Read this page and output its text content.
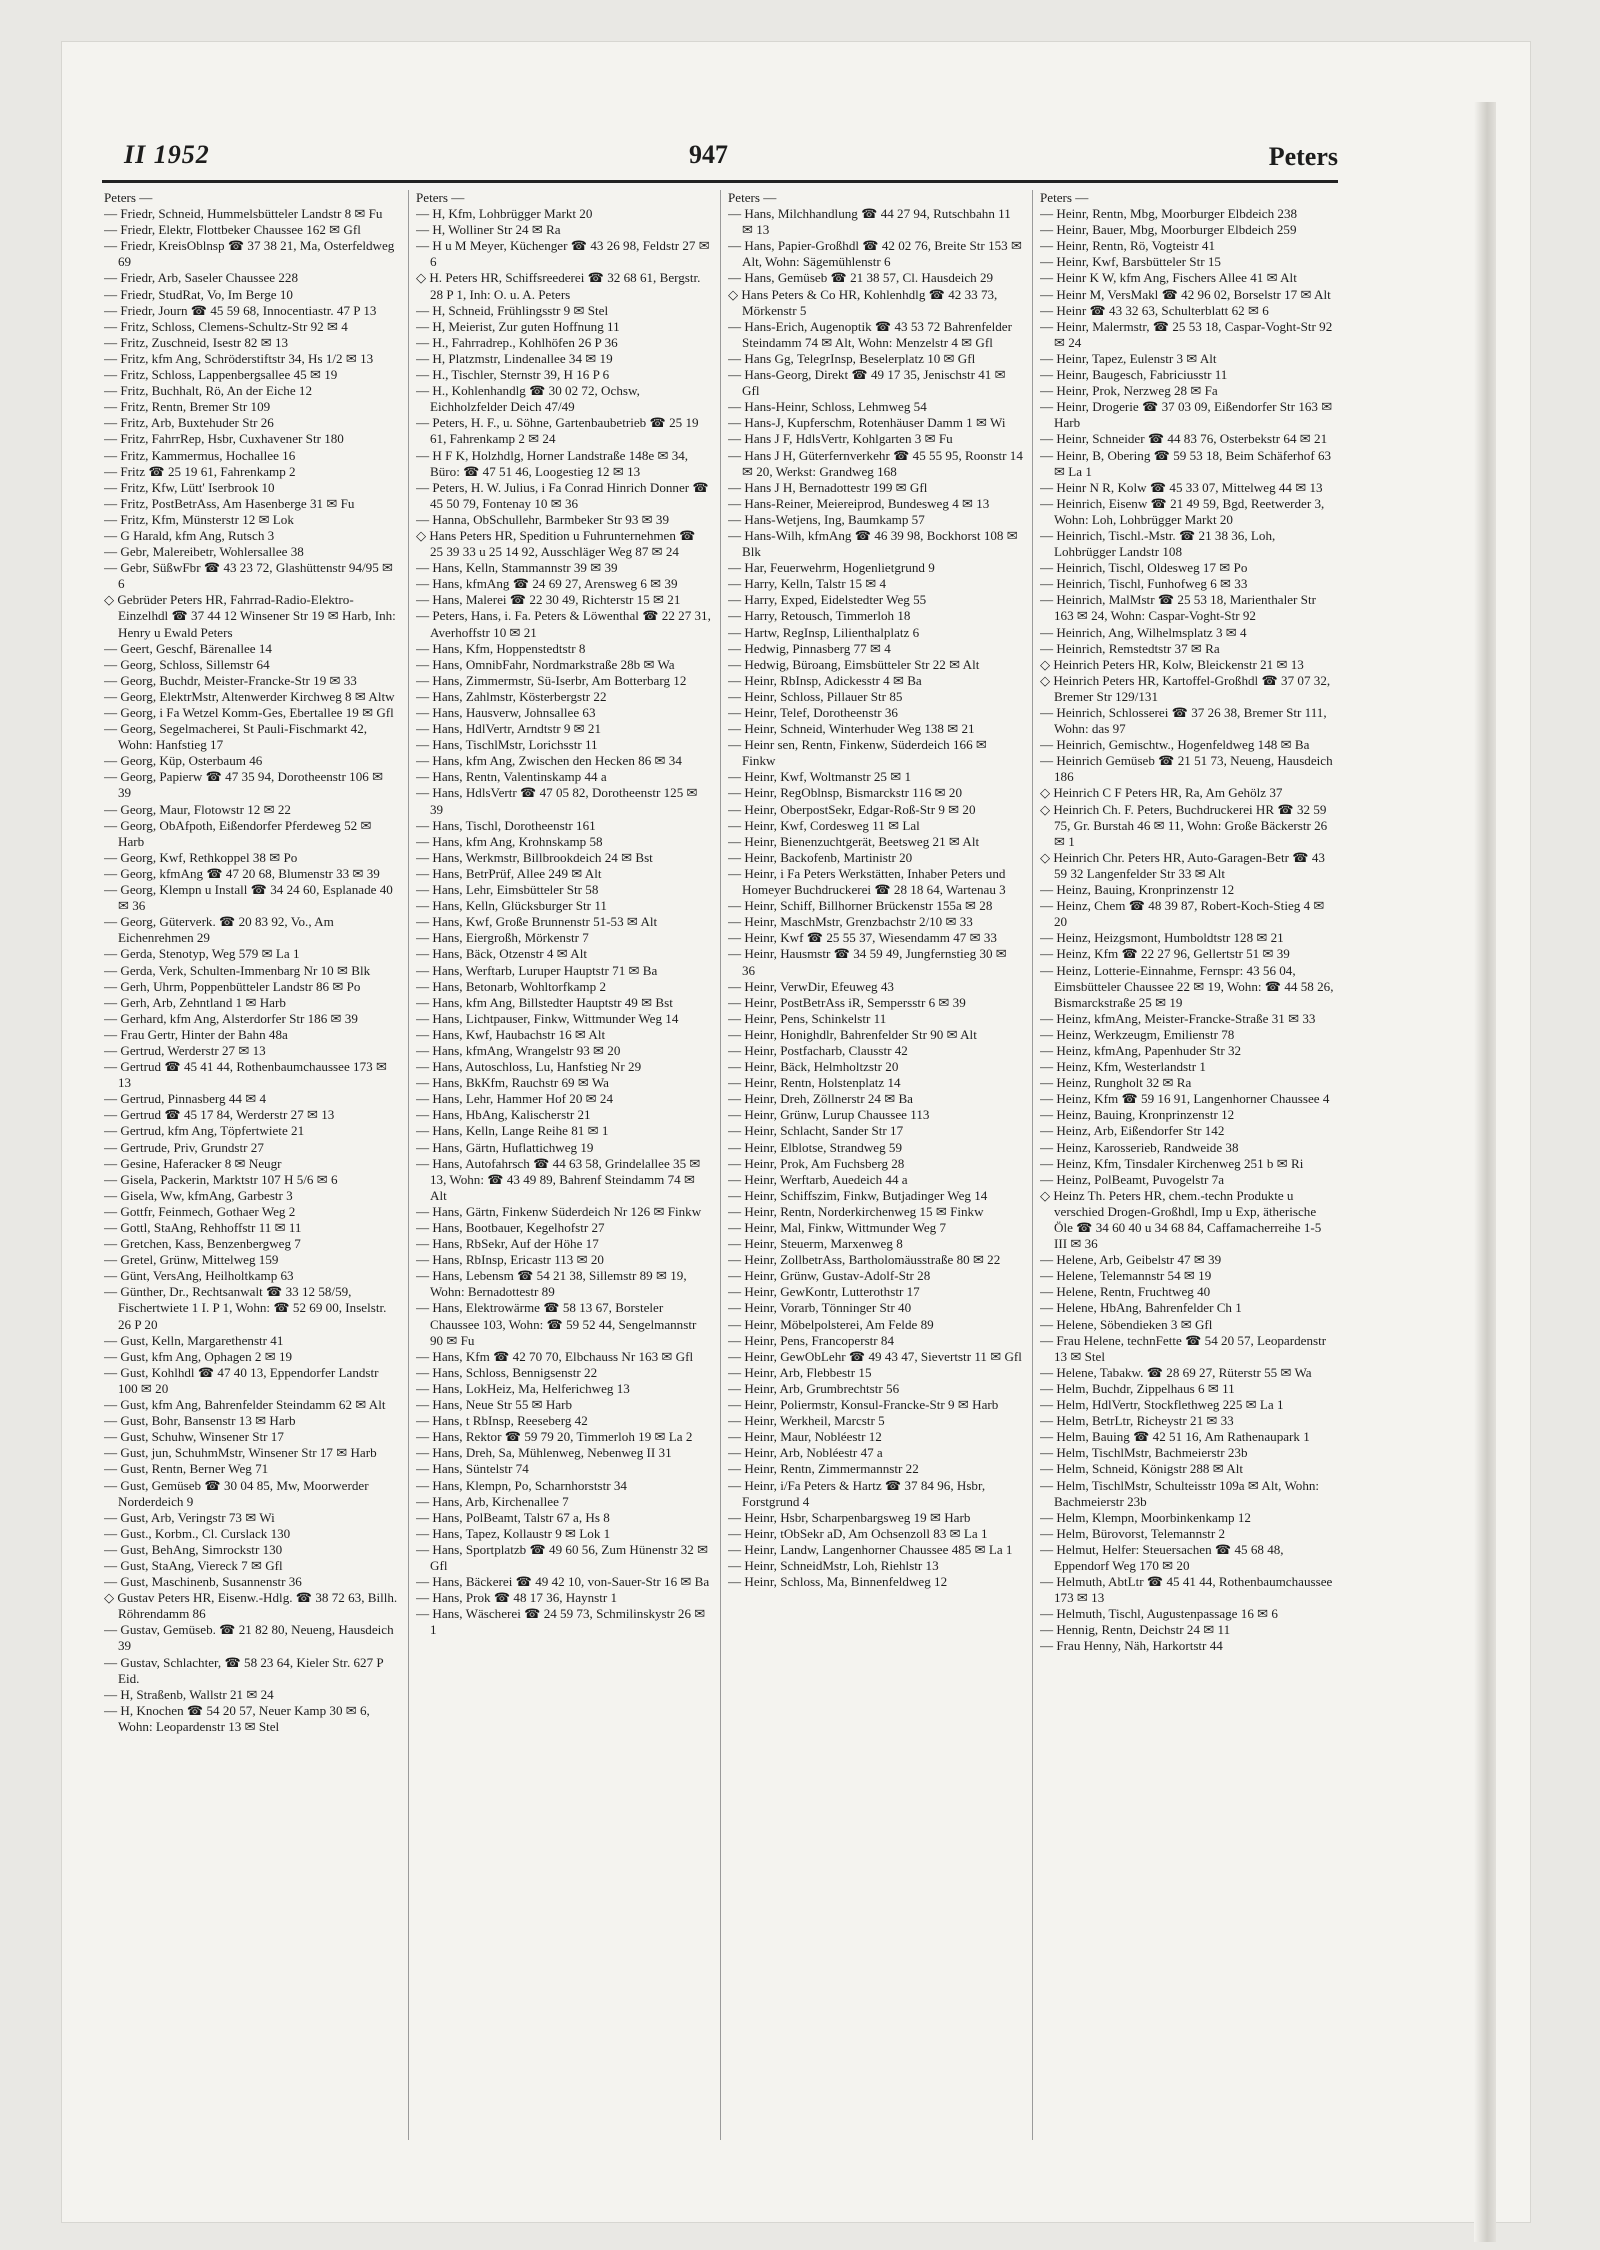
II 1952	947	Peters

Peters —

— Friedr, Schneid, Hummelsbütteler Landstr 8 ✉ Fu

— Friedr, Elektr, Flottbeker Chaussee 162 ✉ Gfl

— Friedr, KreisOblnsp ☎ 37 38 21, Ma, Osterfeldweg 69

— Friedr, Arb, Saseler Chaussee 228

— Friedr, StudRat, Vo, Im Berge 10

— Friedr, Journ ☎ 45 59 68, Innocentiastr. 47 P 13

— Fritz, Schloss, Clemens-Schultz-Str 92 ✉ 4

— Fritz, Zuschneid, Isestr 82 ✉ 13

— Fritz, kfm Ang, Schröderstiftstr 34, Hs 1/2 ✉ 13

— Fritz, Schloss, Lappenbergsallee 45 ✉ 19

— Fritz, Buchhalt, Rö, An der Eiche 12

— Fritz, Rentn, Bremer Str 109

— Fritz, Arb, Buxtehuder Str 26

— Fritz, FahrrRep, Hsbr, Cuxhavener Str 180

— Fritz, Kammermus, Hochallee 16

— Fritz ☎ 25 19 61, Fahrenkamp 2

— Fritz, Kfw, Lütt' Iserbrook 10

— Fritz, PostBetrAss, Am Hasenberge 31 ✉ Fu

— Fritz, Kfm, Münsterstr 12 ✉ Lok

— G Harald, kfm Ang, Rutsch 3

— Gebr, Malereibetr, Wohlersallee 38

— Gebr, SüßwFbr ☎ 43 23 72, Glashüttenstr 94/95 ✉ 6

◇ Gebrüder Peters HR, Fahrrad-Radio-Elektro-Einzelhdl ☎ 37 44 12 Winsener Str 19 ✉ Harb, Inh: Henry u Ewald Peters

— Geert, Geschf, Bärenallee 14

— Georg, Schloss, Sillemstr 64

— Georg, Buchdr, Meister-Francke-Str 19 ✉ 33

— Georg, ElektrMstr, Altenwerder Kirchweg 8 ✉ Altw

— Georg, i Fa Wetzel Komm-Ges, Ebertallee 19 ✉ Gfl

— Georg, Segelmacherei, St Pauli-Fischmarkt 42, Wohn: Hanfstieg 17

— Georg, Küp, Osterbaum 46

— Georg, Papierw ☎ 47 35 94, Dorotheenstr 106 ✉ 39

— Georg, Maur, Flotowstr 12 ✉ 22

— Georg, ObAfpoth, Eißendorfer Pferdeweg 52 ✉ Harb

— Georg, Kwf, Rethkoppel 38 ✉ Po

— Georg, kfmAng ☎ 47 20 68, Blumenstr 33 ✉ 39

— Georg, Klempn u Install ☎ 34 24 60, Esplanade 40 ✉ 36

— Georg, Güterverk. ☎ 20 83 92, Vo., Am Eichenrehmen 29

— Gerda, Stenotyp, Weg 579 ✉ La 1

— Gerda, Verk, Schulten-Immenbarg Nr 10 ✉ Blk

— Gerh, Uhrm, Poppenbütteler Landstr 86 ✉ Po

— Gerh, Arb, Zehntland 1 ✉ Harb

— Gerhard, kfm Ang, Alsterdorfer Str 186 ✉ 39

— Frau Gertr, Hinter der Bahn 48a

— Gertrud, Werderstr 27 ✉ 13

— Gertrud ☎ 45 41 44, Rothenbaumchaussee 173 ✉ 13

— Gertrud, Pinnasberg 44 ✉ 4

— Gertrud ☎ 45 17 84, Werderstr 27 ✉ 13

— Gertrud, kfm Ang, Töpfertwiete 21

— Gertrude, Priv, Grundstr 27

— Gesine, Haferacker 8 ✉ Neugr

— Gisela, Packerin, Marktstr 107 H 5/6 ✉ 6

— Gisela, Ww, kfmAng, Garbestr 3

— Gottfr, Feinmech, Gothaer Weg 2

— Gottl, StaAng, Rehhoffstr 11 ✉ 11

— Gretchen, Kass, Benzenbergweg 7

— Gretel, Grünw, Mittelweg 159

— Günt, VersAng, Heilholtkamp 63

— Günther, Dr., Rechtsanwalt ☎ 33 12 58/59, Fischertwiete 1 I. P 1, Wohn: ☎ 52 69 00, Inselstr. 26 P 20

— Gust, Kelln, Margarethenstr 41

— Gust, kfm Ang, Ophagen 2 ✉ 19

— Gust, Kohlhdl ☎ 47 40 13, Eppendorfer Landstr 100 ✉ 20

— Gust, kfm Ang, Bahrenfelder Steindamm 62 ✉ Alt

— Gust, Bohr, Bansenstr 13 ✉ Harb

— Gust, Schuhw, Winsener Str 17

— Gust, jun, SchuhmMstr, Winsener Str 17 ✉ Harb

— Gust, Rentn, Berner Weg 71

— Gust, Gemüseb ☎ 30 04 85, Mw, Moorwerder Norderdeich 9

— Gust, Arb, Veringstr 73 ✉ Wi

— Gust., Korbm., Cl. Curslack 130

— Gust, BehAng, Simrockstr 130

— Gust, StaAng, Viereck 7 ✉ Gfl

— Gust, Maschinenb, Susannenstr 36

◇ Gustav Peters HR, Eisenw.-Hdlg. ☎ 38 72 63, Billh. Röhrendamm 86

— Gustav, Gemüseb. ☎ 21 82 80, Neueng, Hausdeich 39

— Gustav, Schlachter, ☎ 58 23 64, Kieler Str. 627 P Eid.

— H, Straßenb, Wallstr 21 ✉ 24

— H, Knochen ☎ 54 20 57, Neuer Kamp 30 ✉ 6, Wohn: Leopardenstr 13 ✉ Stel

Peters —

— H, Kfm, Lohbrügger Markt 20

— H, Wolliner Str 24 ✉ Ra

— H u M Meyer, Küchenger ☎ 43 26 98, Feldstr 27 ✉ 6

◇ H. Peters HR, Schiffsreederei ☎ 32 68 61, Bergstr. 28 P 1, Inh: O. u. A. Peters

— H, Schneid, Frühlingsstr 9 ✉ Stel

— H, Meierist, Zur guten Hoffnung 11

— H., Fahrradrep., Kohlhöfen 26 P 36

— H, Platzmstr, Lindenallee 34 ✉ 19

— H., Tischler, Sternstr 39, H 16 P 6

— H., Kohlenhandlg ☎ 30 02 72, Ochsw, Eichholzfelder Deich 47/49

— Peters, H. F., u. Söhne, Gartenbaubetrieb ☎ 25 19 61, Fahrenkamp 2 ✉ 24

— H F K, Holzhdlg, Horner Landstraße 148e ✉ 34, Büro: ☎ 47 51 46, Loogestieg 12 ✉ 13

— Peters, H. W. Julius, i Fa Conrad Hinrich Donner ☎ 45 50 79, Fontenay 10 ✉ 36

— Hanna, ObSchullehr, Barmbeker Str 93 ✉ 39

◇ Hans Peters HR, Spedition u Fuhrunternehmen ☎ 25 39 33 u 25 14 92, Ausschläger Weg 87 ✉ 24

— Hans, Kelln, Stammannstr 39 ✉ 39

— Hans, kfmAng ☎ 24 69 27, Arensweg 6 ✉ 39

— Hans, Malerei ☎ 22 30 49, Richterstr 15 ✉ 21

— Peters, Hans, i. Fa. Peters & Löwenthal ☎ 22 27 31, Averhoffstr 10 ✉ 21

— Hans, Kfm, Hoppenstedtstr 8

— Hans, OmnibFahr, Nordmarkstraße 28b ✉ Wa

— Hans, Zimmermstr, Sü-Iserbr, Am Botterbarg 12

— Hans, Zahlmstr, Kösterbergstr 22

— Hans, Hausverw, Johnsallee 63

— Hans, HdlVertr, Arndtstr 9 ✉ 21

— Hans, TischlMstr, Lorichsstr 11

— Hans, kfm Ang, Zwischen den Hecken 86 ✉ 34

— Hans, Rentn, Valentinskamp 44 a

— Hans, HdlsVertr ☎ 47 05 82, Dorotheenstr 125 ✉ 39

— Hans, Tischl, Dorotheenstr 161

— Hans, kfm Ang, Krohnskamp 58

— Hans, Werkmstr, Billbrookdeich 24 ✉ Bst

— Hans, BetrPrüf, Allee 249 ✉ Alt

— Hans, Lehr, Eimsbütteler Str 58

— Hans, Kelln, Glücksburger Str 11

— Hans, Kwf, Große Brunnenstr 51-53 ✉ Alt

— Hans, Eiergroßh, Mörkenstr 7

— Hans, Bäck, Otzenstr 4 ✉ Alt

— Hans, Werftarb, Luruper Hauptstr 71 ✉ Ba

— Hans, Betonarb, Wohltorfkamp 2

— Hans, kfm Ang, Billstedter Hauptstr 49 ✉ Bst

— Hans, Lichtpauser, Finkw, Wittmunder Weg 14

— Hans, Kwf, Haubachstr 16 ✉ Alt

— Hans, kfmAng, Wrangelstr 93 ✉ 20

— Hans, Autoschloss, Lu, Hanfstieg Nr 29

— Hans, BkKfm, Rauchstr 69 ✉ Wa

— Hans, Lehr, Hammer Hof 20 ✉ 24

— Hans, HbAng, Kalischerstr 21

— Hans, Kelln, Lange Reihe 81 ✉ 1

— Hans, Gärtn, Huflattichweg 19

— Hans, Autofahrsch ☎ 44 63 58, Grindelallee 35 ✉ 13, Wohn: ☎ 43 49 89, Bahrenf Steindamm 74 ✉ Alt

— Hans, Gärtn, Finkenw Süderdeich Nr 126 ✉ Finkw

— Hans, Bootbauer, Kegelhofstr 27

— Hans, RbSekr, Auf der Höhe 17

— Hans, RbInsp, Ericastr 113 ✉ 20

— Hans, Lebensm ☎ 54 21 38, Sillemstr 89 ✉ 19, Wohn: Bernadottestr 89

— Hans, Elektrowärme ☎ 58 13 67, Borsteler Chaussee 103, Wohn: ☎ 59 52 44, Sengelmannstr 90 ✉ Fu

— Hans, Kfm ☎ 42 70 70, Elbchauss Nr 163 ✉ Gfl

— Hans, Schloss, Bennigsenstr 22

— Hans, LokHeiz, Ma, Helferichweg 13

— Hans, Neue Str 55 ✉ Harb

— Hans, t RbInsp, Reeseberg 42

— Hans, Rektor ☎ 59 79 20, Timmerloh 19 ✉ La 2

— Hans, Dreh, Sa, Mühlenweg, Nebenweg II 31

— Hans, Süntelstr 74

— Hans, Klempn, Po, Scharnhorststr 34

— Hans, Arb, Kirchenallee 7

— Hans, PolBeamt, Talstr 67 a, Hs 8

— Hans, Tapez, Kollaustr 9 ✉ Lok 1

— Hans, Sportplatzb ☎ 49 60 56, Zum Hünenstr 32 ✉ Gfl

— Hans, Bäckerei ☎ 49 42 10, von-Sauer-Str 16 ✉ Ba

— Hans, Prok ☎ 48 17 36, Haynstr 1

— Hans, Wäscherei ☎ 24 59 73, Schmilinskystr 26 ✉ 1

Peters —

— Hans, Milchhandlung ☎ 44 27 94, Rutschbahn 11 ✉ 13

— Hans, Papier-Großhdl ☎ 42 02 76, Breite Str 153 ✉ Alt, Wohn: Sägemühlenstr 6

— Hans, Gemüseb ☎ 21 38 57, Cl. Hausdeich 29

◇ Hans Peters & Co HR, Kohlenhdlg ☎ 42 33 73, Mörkenstr 5

— Hans-Erich, Augenoptik ☎ 43 53 72 Bahrenfelder Steindamm 74 ✉ Alt, Wohn: Menzelstr 4 ✉ Gfl

— Hans Gg, TelegrInsp, Beselerplatz 10 ✉ Gfl

— Hans-Georg, Direkt ☎ 49 17 35, Jenischstr 41 ✉ Gfl

— Hans-Heinr, Schloss, Lehmweg 54

— Hans-J, Kupferschm, Rotenhäuser Damm 1 ✉ Wi

— Hans J F, HdlsVertr, Kohlgarten 3 ✉ Fu

— Hans J H, Güterfernverkehr ☎ 45 55 95, Roonstr 14 ✉ 20, Werkst: Grandweg 168

— Hans J H, Bernadottestr 199 ✉ Gfl

— Hans-Reiner, Meiereiprod, Bundesweg 4 ✉ 13

— Hans-Wetjens, Ing, Baumkamp 57

— Hans-Wilh, kfmAng ☎ 46 39 98, Bockhorst 108 ✉ Blk

— Har, Feuerwehrm, Hogenlietgrund 9

— Harry, Kelln, Talstr 15 ✉ 4

— Harry, Exped, Eidelstedter Weg 55

— Harry, Retousch, Timmerloh 18

— Hartw, RegInsp, Lilienthalplatz 6

— Hedwig, Pinnasberg 77 ✉ 4

— Hedwig, Büroang, Eimsbütteler Str 22 ✉ Alt

— Heinr, RbInsp, Adickesstr 4 ✉ Ba

— Heinr, Schloss, Pillauer Str 85

— Heinr, Telef, Dorotheenstr 36

— Heinr, Schneid, Winterhuder Weg 138 ✉ 21

— Heinr sen, Rentn, Finkenw, Süderdeich 166 ✉ Finkw

— Heinr, Kwf, Woltmanstr 25 ✉ 1

— Heinr, RegOblnsp, Bismarckstr 116 ✉ 20

— Heinr, OberpostSekr, Edgar-Roß-Str 9 ✉ 20

— Heinr, Kwf, Cordesweg 11 ✉ Lal

— Heinr, Bienenzuchtgerät, Beetsweg 21 ✉ Alt

— Heinr, Backofenb, Martinistr 20

— Heinr, i Fa Peters Werkstätten, Inhaber Peters und Homeyer Buchdruckerei ☎ 28 18 64, Wartenau 3

— Heinr, Schiff, Billhorner Brückenstr 155a ✉ 28

— Heinr, MaschMstr, Grenzbachstr 2/10 ✉ 33

— Heinr, Kwf ☎ 25 55 37, Wiesendamm 47 ✉ 33

— Heinr, Hausmstr ☎ 34 59 49, Jungfernstieg 30 ✉ 36

— Heinr, VerwDir, Efeuweg 43

— Heinr, PostBetrAss iR, Sempersstr 6 ✉ 39

— Heinr, Pens, Schinkelstr 11

— Heinr, Honighdlr, Bahrenfelder Str 90 ✉ Alt

— Heinr, Postfacharb, Clausstr 42

— Heinr, Bäck, Helmholtzstr 20

— Heinr, Rentn, Holstenplatz 14

— Heinr, Dreh, Zöllnerstr 24 ✉ Ba

— Heinr, Grünw, Lurup Chaussee 113

— Heinr, Schlacht, Sander Str 17

— Heinr, Elblotse, Strandweg 59

— Heinr, Prok, Am Fuchsberg 28

— Heinr, Werftarb, Auedeich 44 a

— Heinr, Schiffszim, Finkw, Butjadinger Weg 14

— Heinr, Rentn, Norderkirchenweg 15 ✉ Finkw

— Heinr, Mal, Finkw, Wittmunder Weg 7

— Heinr, Steuerm, Marxenweg 8

— Heinr, ZollbetrAss, Bartholomäusstraße 80 ✉ 22

— Heinr, Grünw, Gustav-Adolf-Str 28

— Heinr, GewKontr, Lutterothstr 17

— Heinr, Vorarb, Tönninger Str 40

— Heinr, Möbelpolsterei, Am Felde 89

— Heinr, Pens, Francoperstr 84

— Heinr, GewObLehr ☎ 49 43 47, Sievertstr 11 ✉ Gfl

— Heinr, Arb, Flebbestr 15

— Heinr, Arb, Grumbrechtstr 56

— Heinr, Poliermstr, Konsul-Francke-Str 9 ✉ Harb

— Heinr, Werkheil, Marcstr 5

— Heinr, Maur, Nobléestr 12

— Heinr, Arb, Nobléestr 47 a

— Heinr, Rentn, Zimmermannstr 22

— Heinr, i/Fa Peters & Hartz ☎ 37 84 96, Hsbr, Forstgrund 4

— Heinr, Hsbr, Scharpenbargsweg 19 ✉ Harb

— Heinr, tObSekr aD, Am Ochsenzoll 83 ✉ La 1

— Heinr, Landw, Langenhorner Chaussee 485 ✉ La 1

— Heinr, SchneidMstr, Loh, Riehlstr 13

— Heinr, Schloss, Ma, Binnenfeldweg 12

Peters —

— Heinr, Rentn, Mbg, Moorburger Elbdeich 238

— Heinr, Bauer, Mbg, Moorburger Elbdeich 259

— Heinr, Rentn, Rö, Vogteistr 41

— Heinr, Kwf, Barsbütteler Str 15

— Heinr K W, kfm Ang, Fischers Allee 41 ✉ Alt

— Heinr M, VersMakl ☎ 42 96 02, Borselstr 17 ✉ Alt

— Heinr ☎ 43 32 63, Schulterblatt 62 ✉ 6

— Heinr, Malermstr, ☎ 25 53 18, Caspar-Voght-Str 92 ✉ 24

— Heinr, Tapez, Eulenstr 3 ✉ Alt

— Heinr, Baugesch, Fabriciusstr 11

— Heinr, Prok, Nerzweg 28 ✉ Fa

— Heinr, Drogerie ☎ 37 03 09, Eißendorfer Str 163 ✉ Harb

— Heinr, Schneider ☎ 44 83 76, Osterbekstr 64 ✉ 21

— Heinr, B, Obering ☎ 59 53 18, Beim Schäferhof 63 ✉ La 1

— Heinr N R, Kolw ☎ 45 33 07, Mittelweg 44 ✉ 13

— Heinrich, Eisenw ☎ 21 49 59, Bgd, Reetwerder 3, Wohn: Loh, Lohbrügger Markt 20

— Heinrich, Tischl.-Mstr. ☎ 21 38 36, Loh, Lohbrügger Landstr 108

— Heinrich, Tischl, Oldesweg 17 ✉ Po

— Heinrich, Tischl, Funhofweg 6 ✉ 33

— Heinrich, MalMstr ☎ 25 53 18, Marienthaler Str 163 ✉ 24, Wohn: Caspar-Voght-Str 92

— Heinrich, Ang, Wilhelmsplatz 3 ✉ 4

— Heinrich, Remstedtstr 37 ✉ Ra

◇ Heinrich Peters HR, Kolw, Bleickenstr 21 ✉ 13

◇ Heinrich Peters HR, Kartoffel-Großhdl ☎ 37 07 32, Bremer Str 129/131

— Heinrich, Schlosserei ☎ 37 26 38, Bremer Str 111, Wohn: das 97

— Heinrich, Gemischtw., Hogenfeldweg 148 ✉ Ba

— Heinrich Gemüseb ☎ 21 51 73, Neueng, Hausdeich 186

◇ Heinrich C F Peters HR, Ra, Am Gehölz 37

◇ Heinrich Ch. F. Peters, Buchdruckerei HR ☎ 32 59 75, Gr. Burstah 46 ✉ 11, Wohn: Große Bäckerstr 26 ✉ 1

◇ Heinrich Chr. Peters HR, Auto-Garagen-Betr ☎ 43 59 32 Langenfelder Str 33 ✉ Alt

— Heinz, Bauing, Kronprinzenstr 12

— Heinz, Chem ☎ 48 39 87, Robert-Koch-Stieg 4 ✉ 20

— Heinz, Heizgsmont, Humboldtstr 128 ✉ 21

— Heinz, Kfm ☎ 22 27 96, Gellertstr 51 ✉ 39

— Heinz, Lotterie-Einnahme, Fernspr: 43 56 04, Eimsbütteler Chaussee 22 ✉ 19, Wohn: ☎ 44 58 26, Bismarckstraße 25 ✉ 19

— Heinz, kfmAng, Meister-Francke-Straße 31 ✉ 33

— Heinz, Werkzeugm, Emilienstr 78

— Heinz, kfmAng, Papenhuder Str 32

— Heinz, Kfm, Westerlandstr 1

— Heinz, Rungholt 32 ✉ Ra

— Heinz, Kfm ☎ 59 16 91, Langenhorner Chaussee 4

— Heinz, Bauing, Kronprinzenstr 12

— Heinz, Arb, Eißendorfer Str 142

— Heinz, Karosseriеb, Randweide 38

— Heinz, Kfm, Tinsdaler Kirchenweg 251 b ✉ Ri

— Heinz, PolBeamt, Puvogelstr 7a

◇ Heinz Th. Peters HR, chem.-techn Produkte u verschied Drogen-Großhdl, Imp u Exp, ätherische Öle ☎ 34 60 40 u 34 68 84, Caffamacherreihe 1-5 III ✉ 36

— Helene, Arb, Geibelstr 47 ✉ 39

— Helene, Telemannstr 54 ✉ 19

— Helene, Rentn, Fruchtweg 40

— Helene, HbAng, Bahrenfelder Ch 1

— Helene, Söbendieken 3 ✉ Gfl

— Frau Helene, technFette ☎ 54 20 57, Leopardenstr 13 ✉ Stel

— Helene, Tabakw. ☎ 28 69 27, Rüterstr 55 ✉ Wa

— Helm, Buchdr, Zippelhaus 6 ✉ 11

— Helm, HdlVertr, Stockflethweg 225 ✉ La 1

— Helm, BetrLtr, Richeystr 21 ✉ 33

— Helm, Bauing ☎ 42 51 16, Am Rathenaupark 1

— Helm, TischlMstr, Bachmeierstr 23b

— Helm, Schneid, Königstr 288 ✉ Alt

— Helm, TischlMstr, Schulteisstr 109a ✉ Alt, Wohn: Bachmeierstr 23b

— Helm, Klempn, Moorbinkenkamp 12

— Helm, Bürovorst, Telemannstr 2

— Helmut, Helfer: Steuersachen ☎ 45 68 48, Eppendorf Weg 170 ✉ 20

— Helmuth, AbtLtr ☎ 45 41 44, Rothenbaumchaussee 173 ✉ 13

— Helmuth, Tischl, Augustenpassage 16 ✉ 6

— Hennig, Rentn, Deichstr 24 ✉ 11

— Frau Henny, Näh, Harkortstr 44
